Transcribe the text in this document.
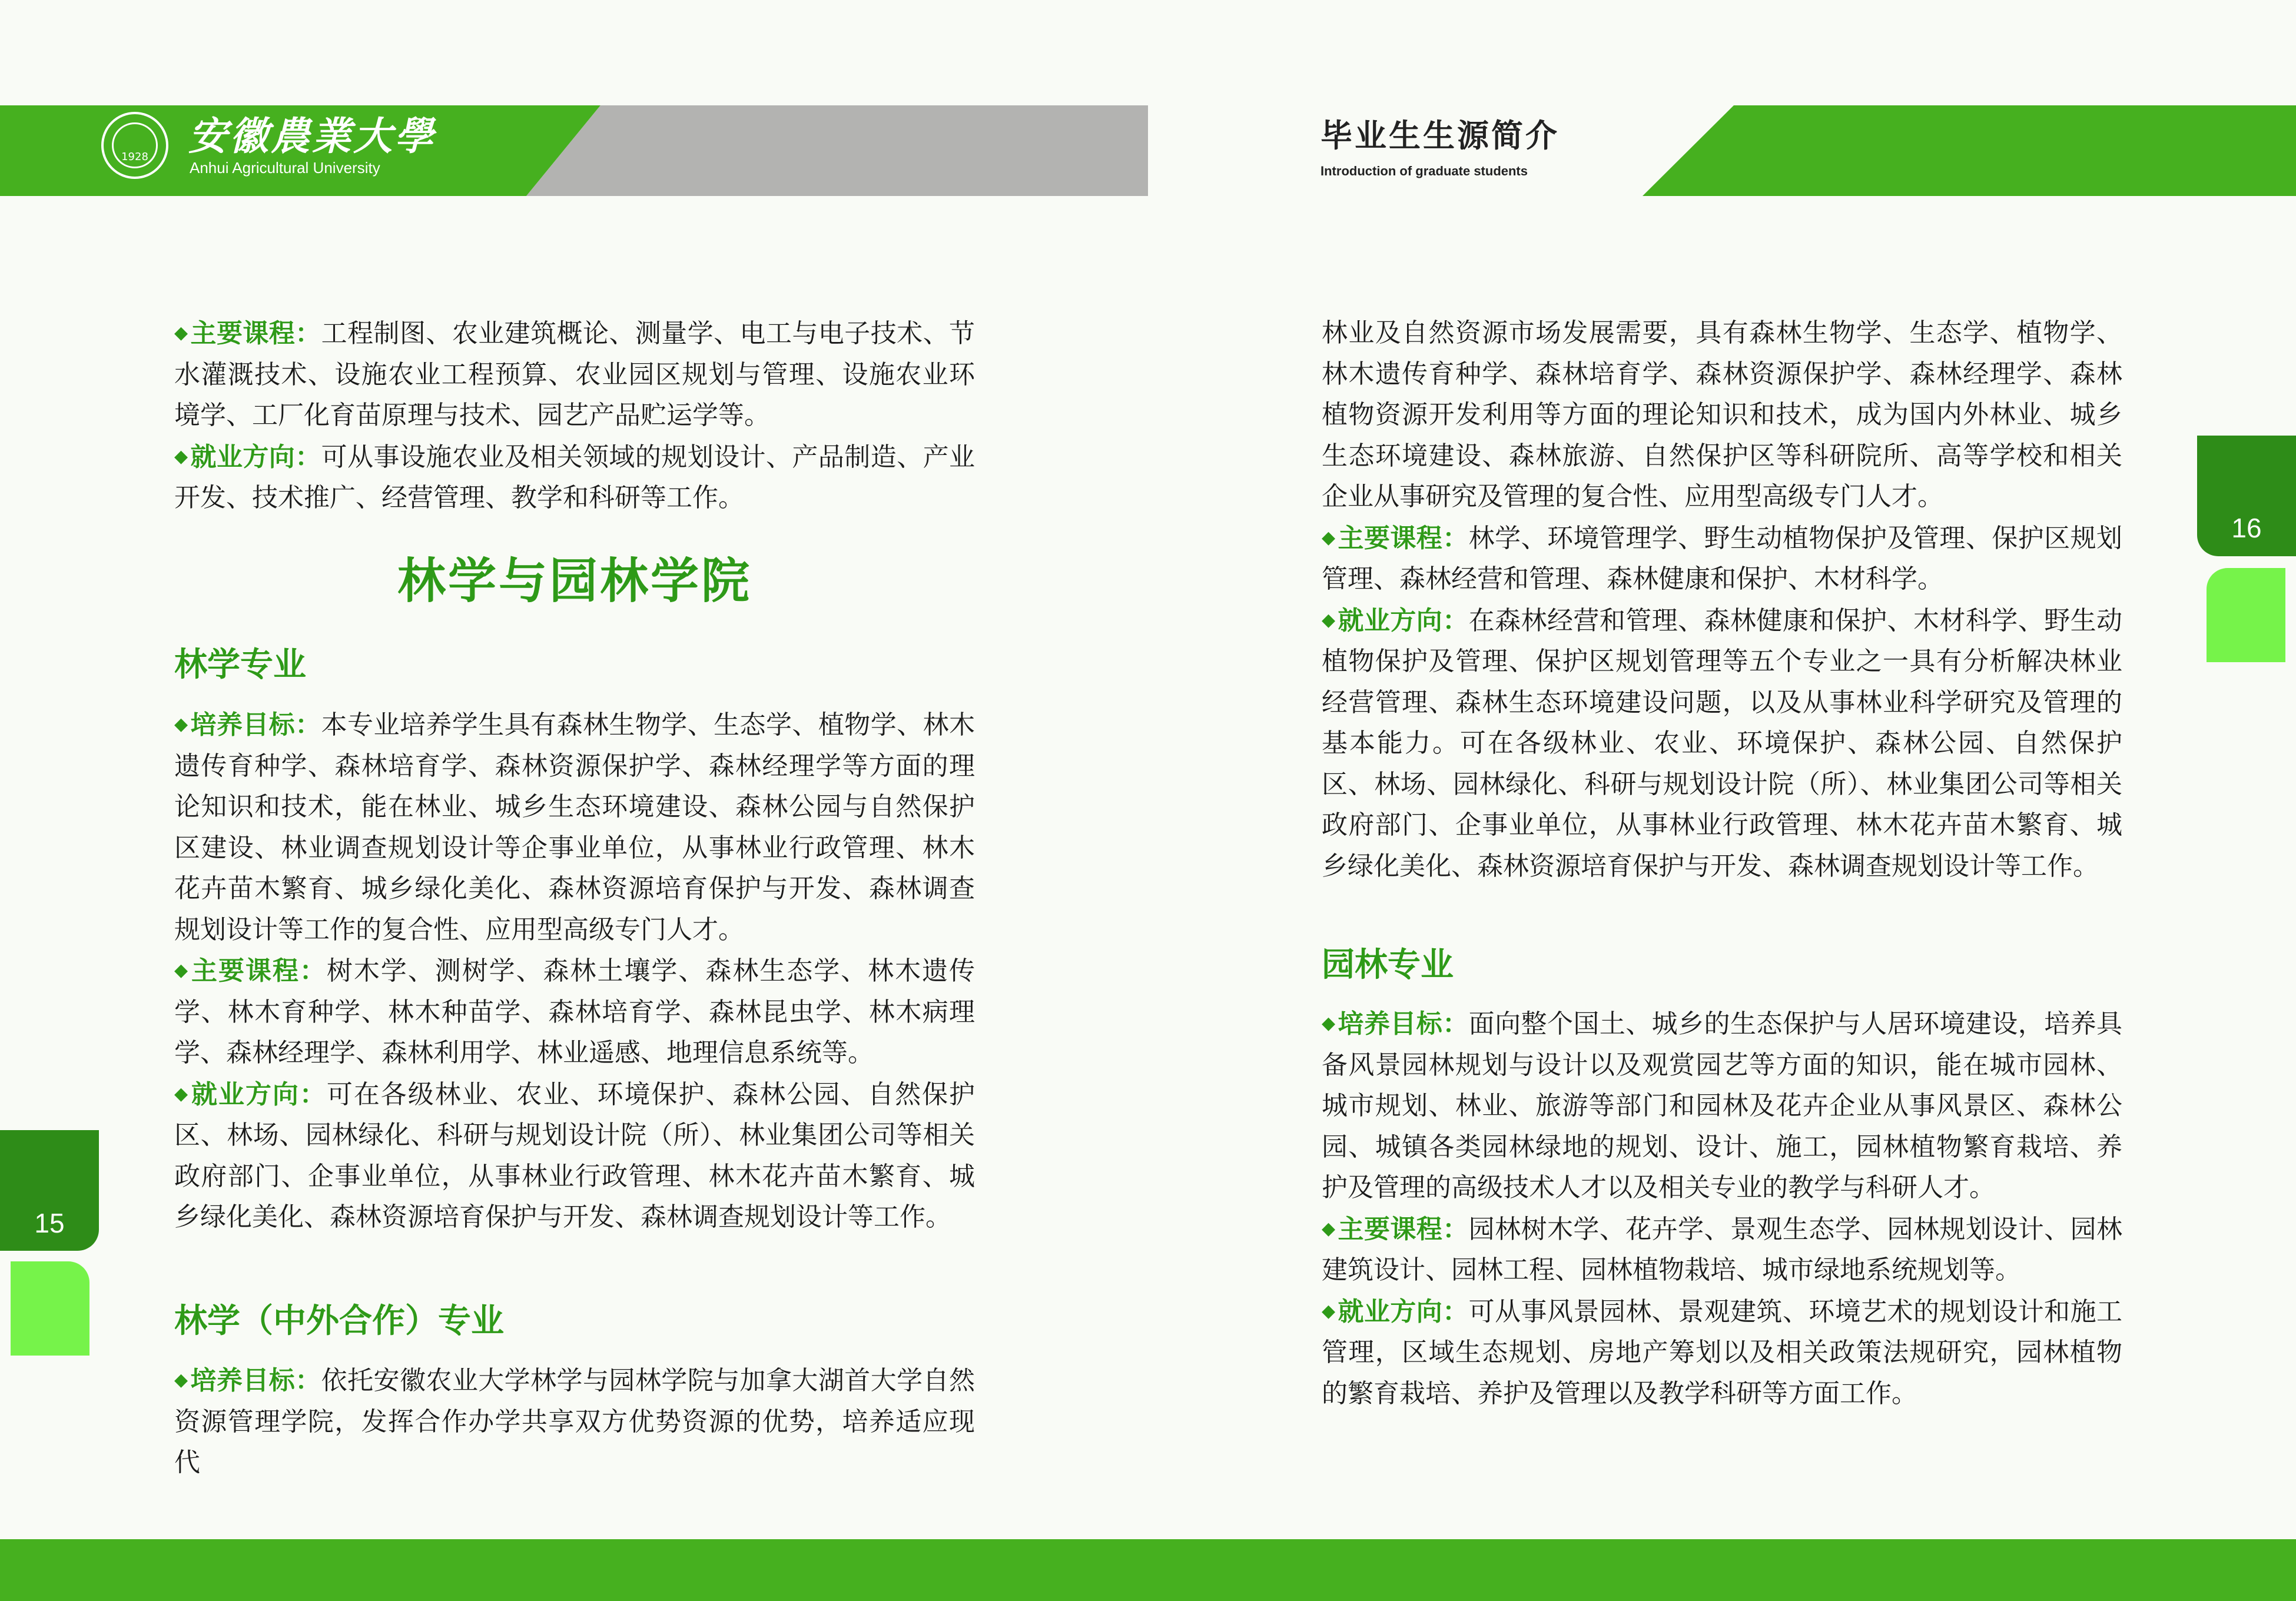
1928 安徽農業大學
Anhui Agricultural University
毕业生生源简介
Introduction of graduate students
15
16

◆主要课程：工程制图、农业建筑概论、测量学、电工与电子技术、节水灌溉技术、设施农业工程预算、农业园区规划与管理、设施农业环境学、工厂化育苗原理与技术、园艺产品贮运学等。

◆就业方向：可从事设施农业及相关领域的规划设计、产品制造、产业开发、技术推广、经营管理、教学和科研等工作。

林学与园林学院
林学专业

◆培养目标：本专业培养学生具有森林生物学、生态学、植物学、林木遗传育种学、森林培育学、森林资源保护学、森林经理学等方面的理论知识和技术，能在林业、城乡生态环境建设、森林公园与自然保护区建设、林业调查规划设计等企事业单位，从事林业行政管理、林木花卉苗木繁育、城乡绿化美化、森林资源培育保护与开发、森林调查规划设计等工作的复合性、应用型高级专门人才。

◆主要课程：树木学、测树学、森林土壤学、森林生态学、林木遗传学、林木育种学、林木种苗学、森林培育学、森林昆虫学、林木病理学、森林经理学、森林利用学、林业遥感、地理信息系统等。

◆就业方向：可在各级林业、农业、环境保护、森林公园、自然保护区、林场、园林绿化、科研与规划设计院（所）、林业集团公司等相关政府部门、企事业单位，从事林业行政管理、林木花卉苗木繁育、城乡绿化美化、森林资源培育保护与开发、森林调查规划设计等工作。

林学（中外合作）专业

◆培养目标：依托安徽农业大学林学与园林学院与加拿大湖首大学自然资源管理学院，发挥合作办学共享双方优势资源的优势，培养适应现代

林业及自然资源市场发展需要，具有森林生物学、生态学、植物学、林木遗传育种学、森林培育学、森林资源保护学、森林经理学、森林植物资源开发利用等方面的理论知识和技术，成为国内外林业、城乡生态环境建设、森林旅游、自然保护区等科研院所、高等学校和相关企业从事研究及管理的复合性、应用型高级专门人才。

◆主要课程：林学、环境管理学、野生动植物保护及管理、保护区规划管理、森林经营和管理、森林健康和保护、木材科学。

◆就业方向：在森林经营和管理、森林健康和保护、木材科学、野生动植物保护及管理、保护区规划管理等五个专业之一具有分析解决林业经营管理、森林生态环境建设问题，以及从事林业科学研究及管理的基本能力。可在各级林业、农业、环境保护、森林公园、自然保护区、林场、园林绿化、科研与规划设计院（所）、林业集团公司等相关政府部门、企事业单位，从事林业行政管理、林木花卉苗木繁育、城乡绿化美化、森林资源培育保护与开发、森林调查规划设计等工作。

园林专业

◆培养目标：面向整个国土、城乡的生态保护与人居环境建设，培养具备风景园林规划与设计以及观赏园艺等方面的知识，能在城市园林、城市规划、林业、旅游等部门和园林及花卉企业从事风景区、森林公园、城镇各类园林绿地的规划、设计、施工，园林植物繁育栽培、养护及管理的高级技术人才以及相关专业的教学与科研人才。

◆主要课程：园林树木学、花卉学、景观生态学、园林规划设计、园林建筑设计、园林工程、园林植物栽培、城市绿地系统规划等。

◆就业方向：可从事风景园林、景观建筑、环境艺术的规划设计和施工管理，区域生态规划、房地产筹划以及相关政策法规研究，园林植物的繁育栽培、养护及管理以及教学科研等方面工作。
